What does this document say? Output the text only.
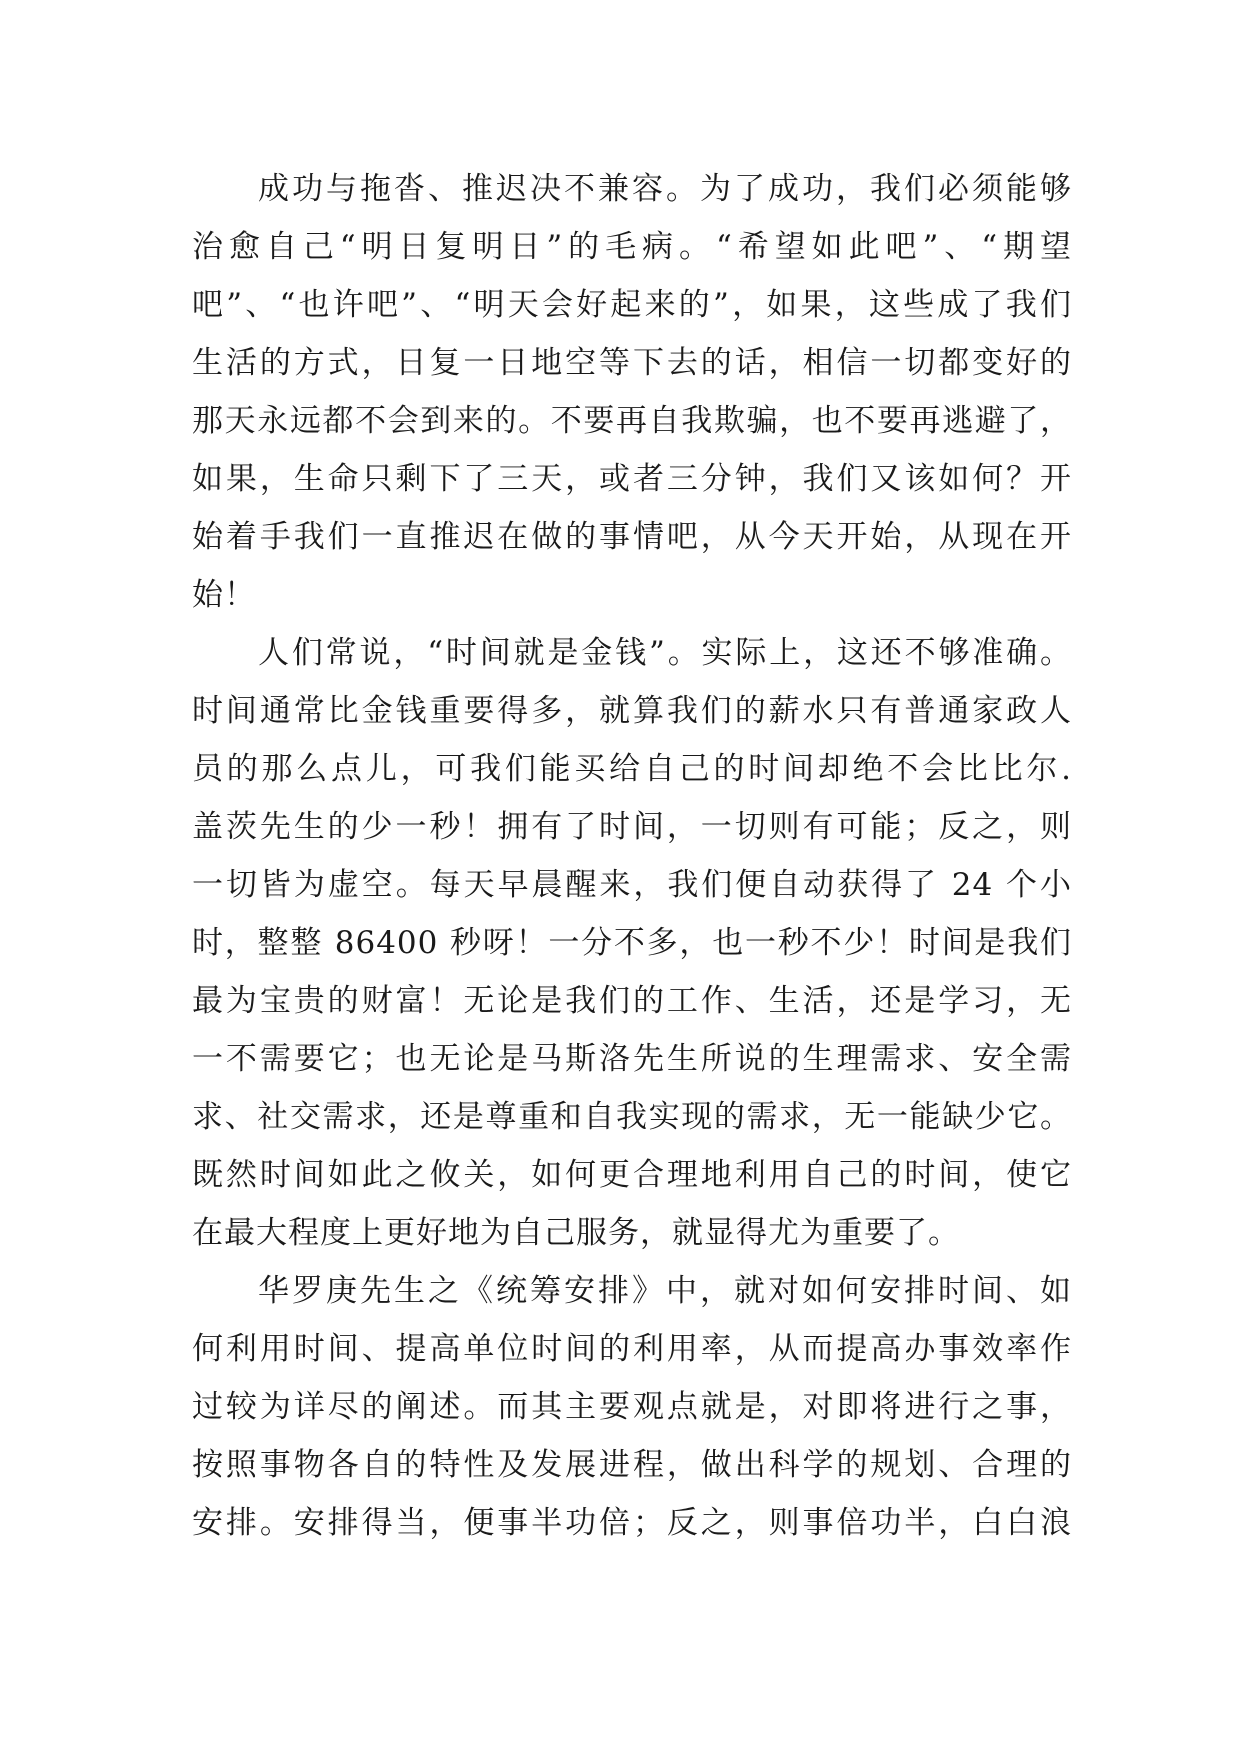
成功与拖沓、推迟决不兼容。为了成功，我们必须能够
治愈自己“明日复明日”的毛病。“希望如此吧”、“期望
吧”、“也许吧”、“明天会好起来的”，如果，这些成了我们
生活的方式，日复一日地空等下去的话，相信一切都变好的
那天永远都不会到来的。不要再自我欺骗，也不要再逃避了，
如果，生命只剩下了三天，或者三分钟，我们又该如何？开
始着手我们一直推迟在做的事情吧，从今天开始，从现在开
始！
人们常说，“时间就是金钱”。实际上，这还不够准确。
时间通常比金钱重要得多，就算我们的薪水只有普通家政人
员的那么点儿，可我们能买给自己的时间却绝不会比比尔.
盖茨先生的少一秒！拥有了时间，一切则有可能；反之，则
一切皆为虚空。每天早晨醒来，我们便自动获得了 24 个小
时，整整 86400 秒呀！一分不多，也一秒不少！时间是我们
最为宝贵的财富！无论是我们的工作、生活，还是学习，无
一不需要它；也无论是马斯洛先生所说的生理需求、安全需
求、社交需求，还是尊重和自我实现的需求，无一能缺少它。
既然时间如此之攸关，如何更合理地利用自己的时间，使它
在最大程度上更好地为自己服务，就显得尤为重要了。
华罗庚先生之《统筹安排》中，就对如何安排时间、如
何利用时间、提高单位时间的利用率，从而提高办事效率作
过较为详尽的阐述。而其主要观点就是，对即将进行之事，
按照事物各自的特性及发展进程，做出科学的规划、合理的
安排。安排得当，便事半功倍；反之，则事倍功半，白白浪
